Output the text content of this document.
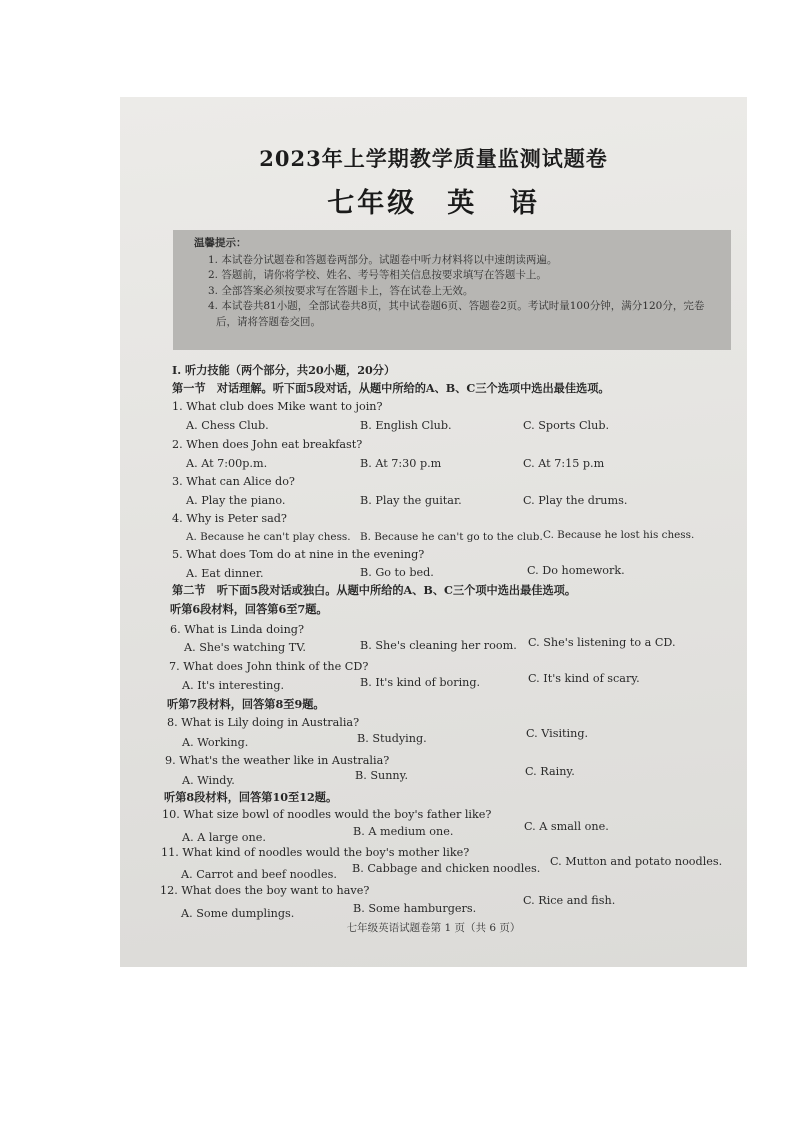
2023年上学期教学质量监测试题卷
七年级　英 语
温馨提示：
1. 本试卷分试题卷和答题卷两部分。试题卷中听力材料将以中速朗读两遍。
2. 答题前，请你将学校、姓名、考号等相关信息按要求填写在答题卡上。
3. 全部答案必须按要求写在答题卡上，答在试卷上无效。
4. 本试卷共81小题，全部试卷共8页，其中试卷题6页、答题卷2页。考试时量100分钟，满分120分，完卷后，请将答题卷交回。
I. 听力技能（两个部分，共20小题，20分）
第一节　对话理解。听下面5段对话，从题中所给的A、B、C三个选项中选出最佳选项。
1. What club does Mike want to join?
A. Chess Club.	B. English Club.	C. Sports Club.
2. When does John eat breakfast?
A. At 7:00p.m.	B. At 7:30 p.m	C. At 7:15 p.m
3. What can Alice do?
A. Play the piano.	B. Play the guitar.	C. Play the drums.
4. Why is Peter sad?
A. Because he can't play chess. B. Because he can't go to the club. C. Because he lost his chess.
5. What does Tom do at nine in the evening?
A. Eat dinner.	B. Go to bed.	C. Do homework.
第二节　听下面5段对话或独白。从题中所给的A、B、C三个项中选出最佳选项。
听第6段材料，回答第6至7题。
6. What is Linda doing?
A. She's watching TV.	B. She's cleaning her room. C. She's listening to a CD.
7. What does John think of the CD?
A. It's interesting.	B. It's kind of boring.	C. It's kind of scary.
听第7段材料，回答第8至9题。
8. What is Lily doing in Australia?
A. Working.	B. Studying.	C. Visiting.
9. What's the weather like in Australia?
A. Windy.	B. Sunny.	C. Rainy.
听第8段材料，回答第10至12题。
10. What size bowl of noodles would the boy's father like?
A. A large one.	B. A medium one.	C. A small one.
11. What kind of noodles would the boy's mother like?
A. Carrot and beef noodles. B. Cabbage and chicken noodles.
C. Mutton and potato noodles.
12. What does the boy want to have?
A. Some dumplings.	B. Some hamburgers.
C. Rice and fish.
七年级英语试题卷第 1 页（共 6 页）
